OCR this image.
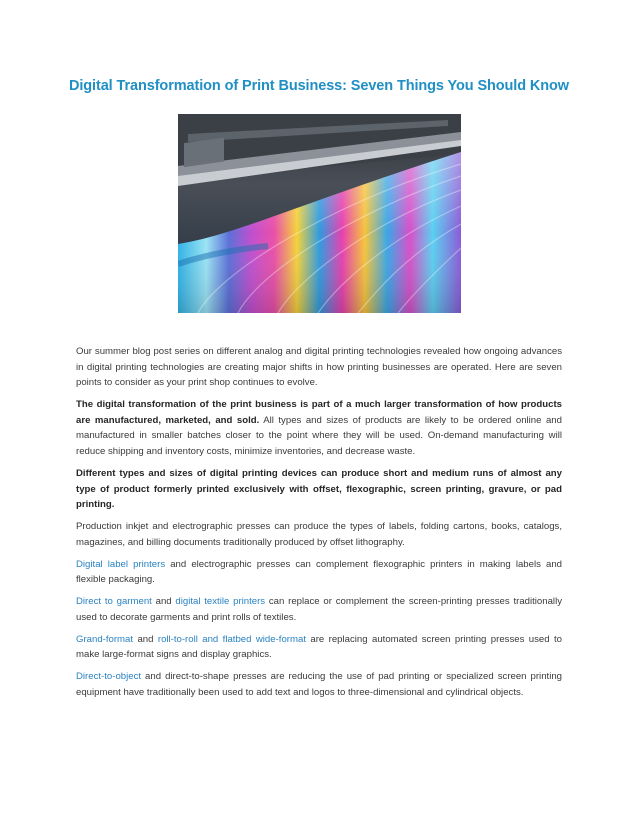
Digital Transformation of Print Business: Seven Things You Should Know

Our summer blog post series on different analog and digital printing technologies revealed how ongoing advances in digital printing technologies are creating major shifts in how printing businesses are operated. Here are seven points to consider as your print shop continues to evolve.

The digital transformation of the print business is part of a much larger transformation of how products are manufactured, marketed, and sold. All types and sizes of products are likely to be ordered online and manufactured in smaller batches closer to the point where they will be used. On-demand manufacturing will reduce shipping and inventory costs, minimize inventories, and decrease waste.

Different types and sizes of digital printing devices can produce short and medium runs of almost any type of product formerly printed exclusively with offset, flexographic, screen printing, gravure, or pad printing.

Production inkjet and electrographic presses can produce the types of labels, folding cartons, books, catalogs, magazines, and billing documents traditionally produced by offset lithography.

Digital label printers and electrographic presses can complement flexographic printers in making labels and flexible packaging.

Direct to garment and digital textile printers can replace or complement the screen-printing presses traditionally used to decorate garments and print rolls of textiles.

Grand-format and roll-to-roll and flatbed wide-format are replacing automated screen printing presses used to make large-format signs and display graphics.

Direct-to-object and direct-to-shape presses are reducing the use of pad printing or specialized screen printing equipment have traditionally been used to add text and logos to three-dimensional and cylindrical objects.
